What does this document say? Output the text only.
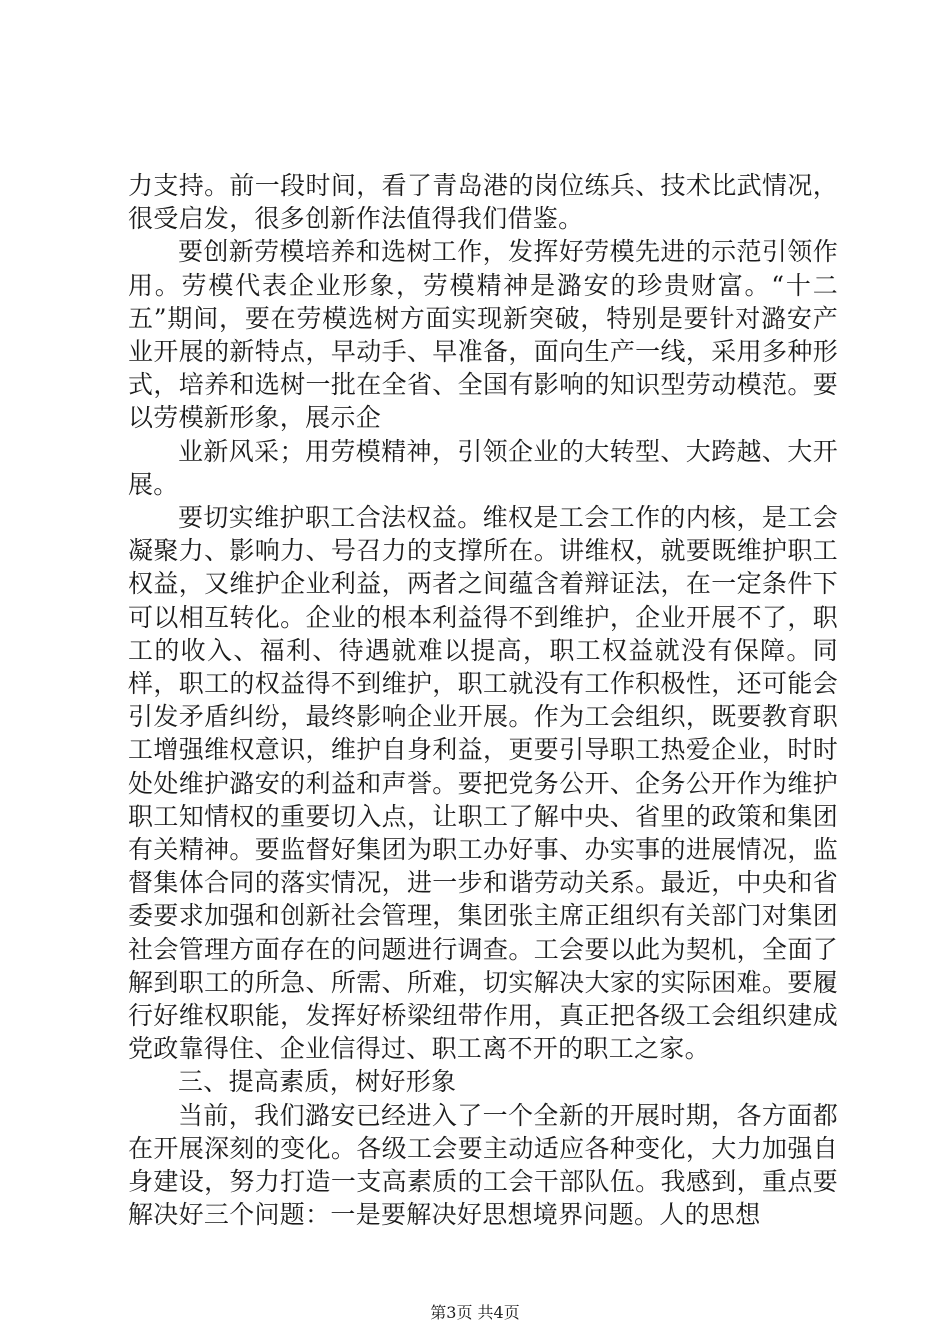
力支持。前一段时间，看了青岛港的岗位练兵、技术比武情况，很受启发，很多创新作法值得我们借鉴。

要创新劳模培养和选树工作，发挥好劳模先进的示范引领作用。劳模代表企业形象，劳模精神是潞安的珍贵财富。“十二五”期间，要在劳模选树方面实现新突破，特别是要针对潞安产业开展的新特点，早动手、早准备，面向生产一线，采用多种形式，培养和选树一批在全省、全国有影响的知识型劳动模范。要以劳模新形象，展示企

业新风采；用劳模精神，引领企业的大转型、大跨越、大开展。

要切实维护职工合法权益。维权是工会工作的内核，是工会凝聚力、影响力、号召力的支撑所在。讲维权，就要既维护职工权益，又维护企业利益，两者之间蕴含着辩证法，在一定条件下可以相互转化。企业的根本利益得不到维护，企业开展不了，职工的收入、福利、待遇就难以提高，职工权益就没有保障。同样，职工的权益得不到维护，职工就没有工作积极性，还可能会引发矛盾纠纷，最终影响企业开展。作为工会组织，既要教育职工增强维权意识，维护自身利益，更要引导职工热爱企业，时时处处维护潞安的利益和声誉。要把党务公开、企务公开作为维护职工知情权的重要切入点，让职工了解中央、省里的政策和集团有关精神。要监督好集团为职工办好事、办实事的进展情况，监督集体合同的落实情况，进一步和谐劳动关系。最近，中央和省委要求加强和创新社会管理，集团张主席正组织有关部门对集团社会管理方面存在的问题进行调查。工会要以此为契机，全面了解到职工的所急、所需、所难，切实解决大家的实际困难。要履行好维权职能，发挥好桥梁纽带作用，真正把各级工会组织建成党政靠得住、企业信得过、职工离不开的职工之家。

三、提高素质，树好形象

当前，我们潞安已经进入了一个全新的开展时期，各方面都在开展深刻的变化。各级工会要主动适应各种变化，大力加强自身建设，努力打造一支高素质的工会干部队伍。我感到，重点要解决好三个问题：一是要解决好思想境界问题。人的思想

第3页 共4页
